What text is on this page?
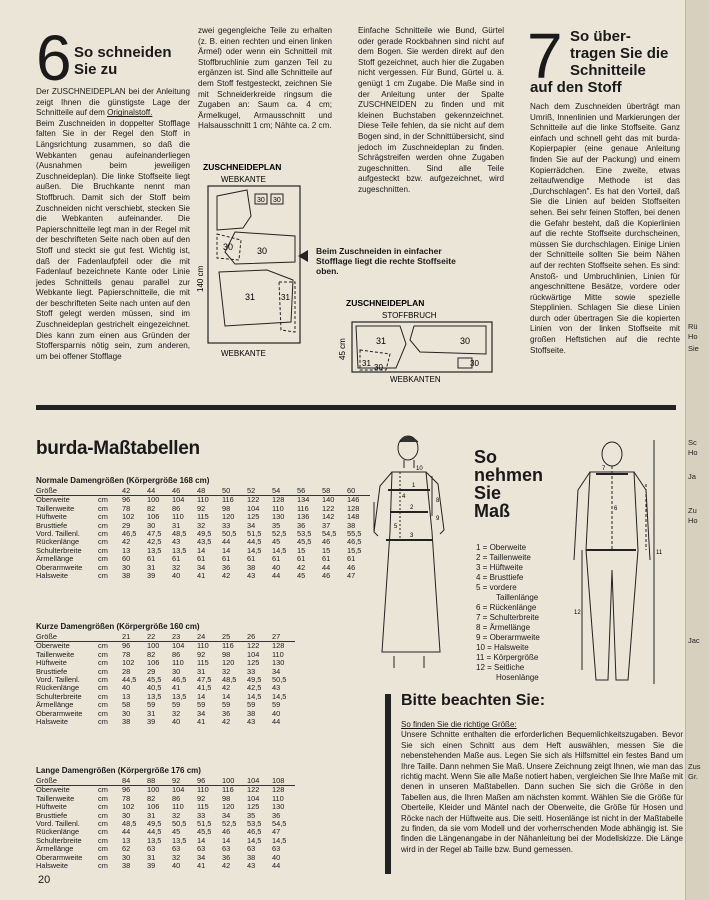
6 So schneiden
Sie zu
Der ZUSCHNEIDEPLAN bei der Anleitung zeigt Ihnen die günstigste Lage der Schnitteile auf dem Originalstoff.
Beim Zuschneiden in doppelter Stofflage falten Sie in der Regel den Stoff in Längsrichtung zusammen, so daß die Webkanten genau aufeinanderliegen (Ausnahmen beim jeweiligen Zuschneideplan). Die linke Stoffseite liegt außen. Die Bruchkante nennt man Stoffbruch. Damit sich der Stoff beim Zuschneiden nicht verschiebt, stecken Sie die Webkanten aufeinander. Die Papierschnitteile legt man in der Regel mit der beschrifteten Seite nach oben auf den Stoff und steckt sie gut fest. Wichtig ist, daß der Fadenlaufpfeil oder die mit Fadenlauf bezeichnete Kante oder Linie jedes Schnitteils genau parallel zur Webkante liegt. Papierschnitteile, die mit der beschrifteten Seite nach unten auf den Stoff gelegt werden müssen, sind im Zuschneideplan gestrichelt eingezeichnet. Dies kann zum einen aus Gründen der Stoffersparnis nötig sein, zum anderen, um bei offener Stofflage
zwei gegengleiche Teile zu erhalten (z. B. einen rechten und einen linken Ärmel) oder wenn ein Schnitteil mit Stoffbruchlinie zum ganzen Teil zu ergänzen ist. Sind alle Schnitteile auf dem Stoff festgesteckt, zeichnen Sie mit Schneiderkreide ringsum die Zugaben an: Saum ca. 4 cm; Ärmelkugel, Armausschnitt und Halsausschnitt 1 cm; Nähte ca. 2 cm.
Einfache Schnitteile wie Bund, Gürtel oder gerade Rockbahnen sind nicht auf dem Bogen. Sie werden direkt auf den Stoff gezeichnet, auch hier die Zugaben nicht vergessen. Für Bund, Gürtel u. ä. genügt 1 cm Zugabe. Die Maße sind in der Anleitung unter der Spalte ZUSCHNEIDEN zu finden und mit kleinen Buchstaben gekennzeichnet. Diese Teile fehlen, da sie nicht auf dem Bogen sind, in der Schnittübersicht, sind jedoch im Zuschneideplan zu finden. Schrägstreifen werden ohne Zugaben zugeschnitten. Sind alle Teile aufgesteckt bzw. aufgezeichnet, wird zugeschnitten.
ZUSCHNEIDEPLAN
WEBKANTE
30 30
30
30
31	31
140 cm
WEBKANTE
Beim Zuschneiden in einfacher Stofflage liegt die rechte Stoffseite oben.
ZUSCHNEIDEPLAN
STOFFBRUCH
31	30
31 30	30
45 cm
WEBKANTEN
7 So über-
tragen Sie die
Schnitteile
auf den Stoff
Nach dem Zuschneiden überträgt man Umriß, Innenlinien und Markierungen der Schnitteile auf die linke Stoffseite. Ganz einfach und schnell geht das mit burda-Kopierpapier (eine genaue Anleitung finden Sie auf der Packung) und einem Kopierrädchen. Eine zweite, etwas zeitaufwendige Methode ist das „Durchschlagen". Es hat den Vorteil, daß Sie die Linien auf beiden Stoffseiten sehen. Bei sehr feinen Stoffen, bei denen die Gefahr besteht, daß die Kopierlinien auf die rechte Stoffseite durchscheinen, müssen Sie durchschlagen. Einige Linien der Schnitteile sollten Sie beim Nähen auf der rechten Stoffseite sehen. Es sind: Anstoß- und Umbruchlinien, Linien für angeschnittene Besätze, vordere oder rückwärtige Mitte sowie spezielle Stepplinien. Schlagen Sie diese Linien durch oder übertragen Sie die kopierten Linien von der linken Stoffseite mit großen Heftstichen auf die rechte Stoffseite.
burda-Maßtabellen
Normale Damengrößen (Körpergröße 168 cm)
Größe		42	44	46	48	50	52	54	56	58	60
Oberweite	cm	96	100	104	110	116	122	128	134	140	146
Taillenweite	cm	78	82	86	92	98	104	110	116	122	128
Hüftweite	cm	102	106	110	115	120	125	130	136	142	148
Brusttiefe	cm	29	30	31	32	33	34	35	36	37	38
Vord. Taillenl.	cm	46,5	47,5	48,5	49,5	50,5	51,5	52,5	53,5	54,5	55,5
Rückenlänge	cm	42	42,5	43	43,5	44	44,5	45	45,5	46	46,5
Schulterbreite	cm	13	13,5	13,5	14	14	14,5	14,5	15	15	15,5
Ärmellänge	cm	60	61	61	61	61	61	61	61	61	61
Oberarmweite	cm	30	31	32	34	36	38	40	42	44	46
Halsweite	cm	38	39	40	41	42	43	44	45	46	47
Kurze Damengrößen (Körpergröße 160 cm)
Größe		21	22	23	24	25	26	27
Oberweite	cm	96	100	104	110	116	122	128
Taillenweite	cm	78	82	86	92	98	104	110
Hüftweite	cm	102	106	110	115	120	125	130
Brusttiefe	cm	28	29	30	31	32	33	34
Vord. Taillenl.	cm	44,5	45,5	46,5	47,5	48,5	49,5	50,5
Rückenlänge	cm	40	40,5	41	41,5	42	42,5	43
Schulterbreite	cm	13	13,5	13,5	14	14	14,5	14,5
Ärmellänge	cm	58	59	59	59	59	59	59
Oberarmweite	cm	30	31	32	34	36	38	40
Halsweite	cm	38	39	40	41	42	43	44
Lange Damengrößen (Körpergröße 176 cm)
Größe		84	88	92	96	100	104	108
Oberweite	cm	96	100	104	110	116	122	128
Taillenweite	cm	78	82	86	92	98	104	110
Hüftweite	cm	102	106	110	115	120	125	130
Brusttiefe	cm	30	31	32	33	34	35	36
Vord. Taillenl.	cm	48,5	49,5	50,5	51,5	52,5	53,5	54,5
Rückenlänge	cm	44	44,5	45	45,5	46	46,5	47
Schulterbreite	cm	13	13,5	13,5	14	14	14,5	14,5
Ärmellänge	cm	62	63	63	63	63	63	63
Oberarmweite	cm	30	31	32	34	36	38	40
Halsweite	cm	38	39	40	41	42	43	44
10
1
2
3
4
5
8
9
So
nehmen
Sie
Maß
1 = Oberweite
2 = Taillenweite
3 = Hüftweite
4 = Brusttiefe
5 = vordere
Taillenlänge
6 = Rückenlänge
7 = Schulterbreite
8 = Ärmellänge
9 = Oberarmweite
10 = Halsweite
11 = Körpergröße
12 = Seitliche
Hosenlänge
7
6
12
11
Bitte beachten Sie:
So finden Sie die richtige Größe:
Unsere Schnitte enthalten die erforderlichen Bequemlichkeitszugaben. Bevor Sie sich einen Schnitt aus dem Heft auswählen, messen Sie die nebenstehenden Maße aus. Legen Sie sich als Hilfsmittel ein festes Band um Ihre Taille. Dann nehmen Sie Maß. Unsere Zeichnung zeigt Ihnen, wie man das richtig macht. Wenn Sie alle Maße notiert haben, vergleichen Sie Ihre Maße mit denen in unseren Maßtabellen. Dann suchen Sie sich die Größe in den Tabellen aus, die Ihren Maßen am nächsten kommt. Wählen Sie die Größe für Oberteile, Kleider und Mäntel nach der Oberweite, die Größe für Hosen und Röcke nach der Hüftweite aus. Die seitl. Hosenlänge ist nicht in der Maßtabelle zu finden, da sie vom Modell und der vorherrschenden Mode abhängig ist. Sie finden die Längenangabe in der Nähanleitung bei der Modellskizze. Die Länge wird in der Regel ab Taille bzw. Bund gemessen.
20
Rü
Ho
Sie
Sc
Ho
Ja
Zu
Ho
Jac
Zus
Gr.
